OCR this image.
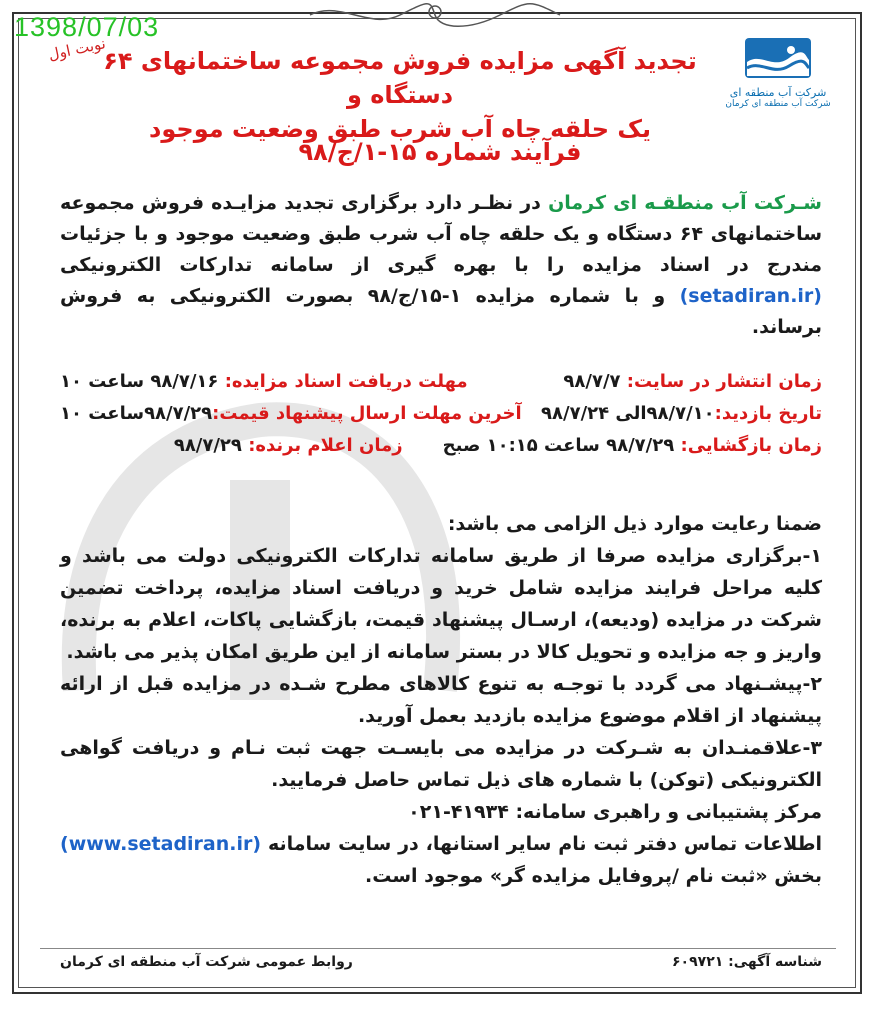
1398/07/03
نوبت اول
شرکت آب منطقه ای
شرکت آب منطقه ای کرمان
تجدید آگهی مزایده فروش مجموعه ساختمانهای ۶۴ دستگاه و
یک حلقه چاه آب شرب طبق وضعیت موجود
فرآیند شماره ۱۵-۱/ج/۹۸
شـرکت آب منطقـه ای کرمان در نظـر دارد برگزاری تجدید مزایـده فروش مجموعه ساختمانهای ۶۴ دستگاه و یک حلقه چاه آب شرب طبق وضعیت موجود و با جزئیات مندرج در اسناد مزایده را با بهره گیری از سامانه تدارکات الکترونیکی (setadiran.ir) و با شماره مزایده ۱-۱۵/ج/۹۸ بصورت الکترونیکی به فروش برساند.
زمان انتشار در سایت: ۹۸/۷/۷
مهلت دریافت اسناد مزایده: ۹۸/۷/۱۶ ساعت ۱۰
تاریخ بازدید:۹۸/۷/۱۰الی ۹۸/۷/۲۴
آخرین مهلت ارسال پیشنهاد قیمت:۹۸/۷/۲۹ساعت ۱۰
زمان بازگشایی: ۹۸/۷/۲۹ ساعت ۱۰:۱۵ صبح
زمان اعلام برنده: ۹۸/۷/۲۹

ضمنا رعایت موارد ذیل الزامی می باشد:

۱-برگزاری مزایده صرفا از طریق سامانه تدارکات الکترونیکی دولت می باشد و کلیه مراحل فرایند مزایده شامل خرید و دریافت اسناد مزایده، پرداخت تضمین شرکت در مزایده (ودیعه)، ارسـال پیشنهاد قیمت، بازگشایی پاکات، اعلام به برنده، واریز و جه مزایده و تحویل کالا در بستر سامانه از این طریق امکان پذیر می باشد.

۲-پیشـنهاد می گردد با توجـه به تنوع کالاهای مطرح شـده در مزایده قبل از ارائه پیشنهاد از اقلام موضوع مزایده بازدید بعمل آورید.

۳-علاقمنـدان به شـرکت در مزایده می بایسـت جهت ثبت نـام و دریافت گواهی الکترونیکی (توکن) با شماره های ذیل تماس حاصل فرمایید.

مرکز پشتیبانی و راهبری سامانه: ۴۱۹۳۴-۰۲۱

اطلاعات تماس دفتر ثبت نام سایر استانها، در سایت سامانه (www.setadiran.ir) بخش «ثبت نام /پروفایل مزایده گر» موجود است.

شناسه آگهی: ۶۰۹۷۲۱
روابط عمومی شرکت آب منطقه ای کرمان
